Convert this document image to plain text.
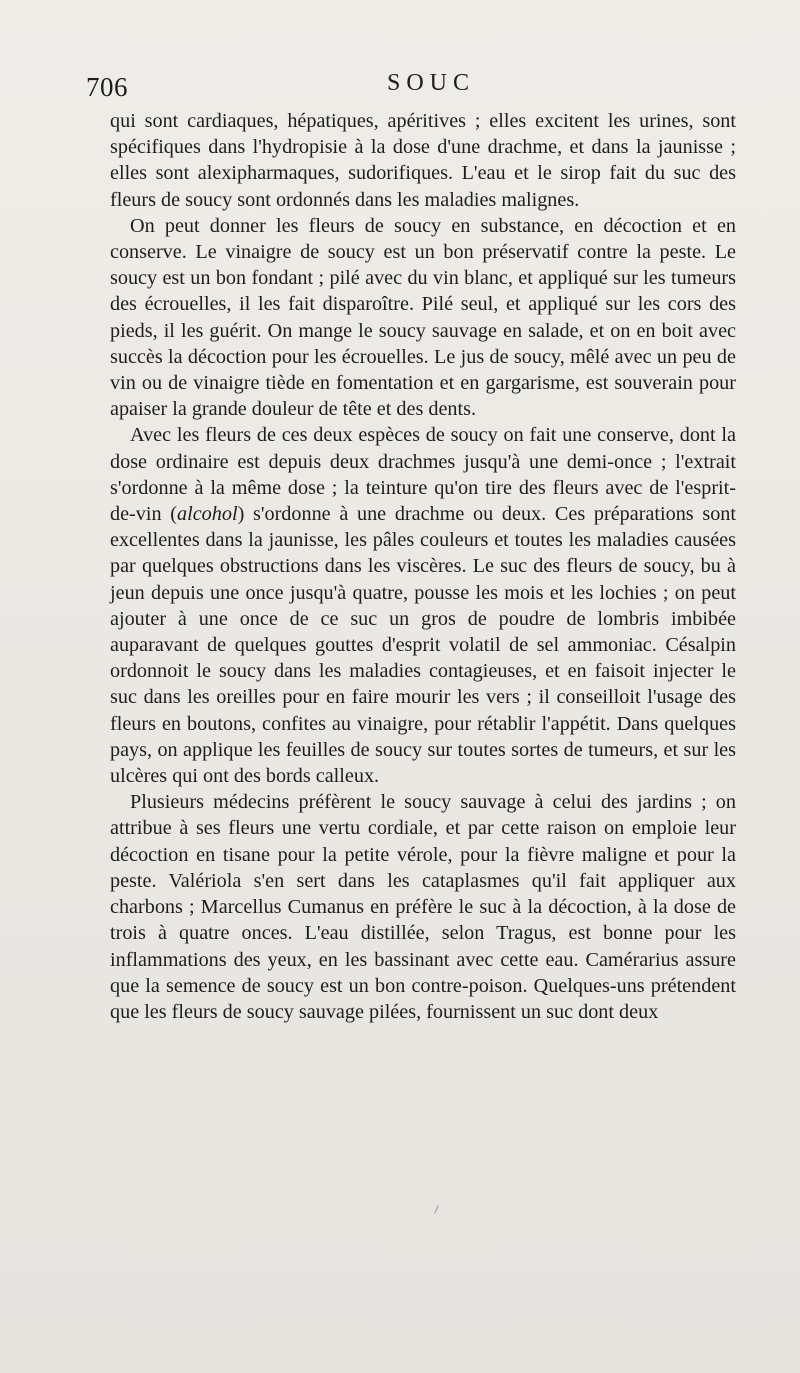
706	SOUC

qui sont cardiaques, hépatiques, apéritives ; elles excitent les urines, sont spécifiques dans l'hydropisie à la dose d'une drachme, et dans la jaunisse ; elles sont alexipharmaques, sudorifiques. L'eau et le sirop fait du suc des fleurs de soucy sont ordonnés dans les maladies malignes.

On peut donner les fleurs de soucy en substance, en décoction et en conserve. Le vinaigre de soucy est un bon préservatif contre la peste. Le soucy est un bon fondant ; pilé avec du vin blanc, et appliqué sur les tumeurs des écrouelles, il les fait disparoître. Pilé seul, et appliqué sur les cors des pieds, il les guérit. On mange le soucy sauvage en salade, et on en boit avec succès la décoction pour les écrouelles. Le jus de soucy, mêlé avec un peu de vin ou de vinaigre tiède en fomentation et en gargarisme, est souverain pour apaiser la grande douleur de tête et des dents.

Avec les fleurs de ces deux espèces de soucy on fait une conserve, dont la dose ordinaire est depuis deux drachmes jusqu'à une demi-once ; l'extrait s'ordonne à la même dose ; la teinture qu'on tire des fleurs avec de l'esprit-de-vin (alcohol) s'ordonne à une drachme ou deux. Ces préparations sont excellentes dans la jaunisse, les pâles couleurs et toutes les maladies causées par quelques obstructions dans les viscères. Le suc des fleurs de soucy, bu à jeun depuis une once jusqu'à quatre, pousse les mois et les lochies ; on peut ajouter à une once de ce suc un gros de poudre de lombris imbibée auparavant de quelques gouttes d'esprit volatil de sel ammoniac. Césalpin ordonnoit le soucy dans les maladies contagieuses, et en faisoit injecter le suc dans les oreilles pour en faire mourir les vers ; il conseilloit l'usage des fleurs en boutons, confites au vinaigre, pour rétablir l'appétit. Dans quelques pays, on applique les feuilles de soucy sur toutes sortes de tumeurs, et sur les ulcères qui ont des bords calleux.

Plusieurs médecins préfèrent le soucy sauvage à celui des jardins ; on attribue à ses fleurs une vertu cordiale, et par cette raison on emploie leur décoction en tisane pour la petite vérole, pour la fièvre maligne et pour la peste. Valériola s'en sert dans les cataplasmes qu'il fait appliquer aux charbons ; Marcellus Cumanus en préfère le suc à la décoction, à la dose de trois à quatre onces. L'eau distillée, selon Tragus, est bonne pour les inflammations des yeux, en les bassinant avec cette eau. Camérarius assure que la semence de soucy est un bon contre-poison. Quelques-uns prétendent que les fleurs de soucy sauvage pilées, fournissent un suc dont deux
